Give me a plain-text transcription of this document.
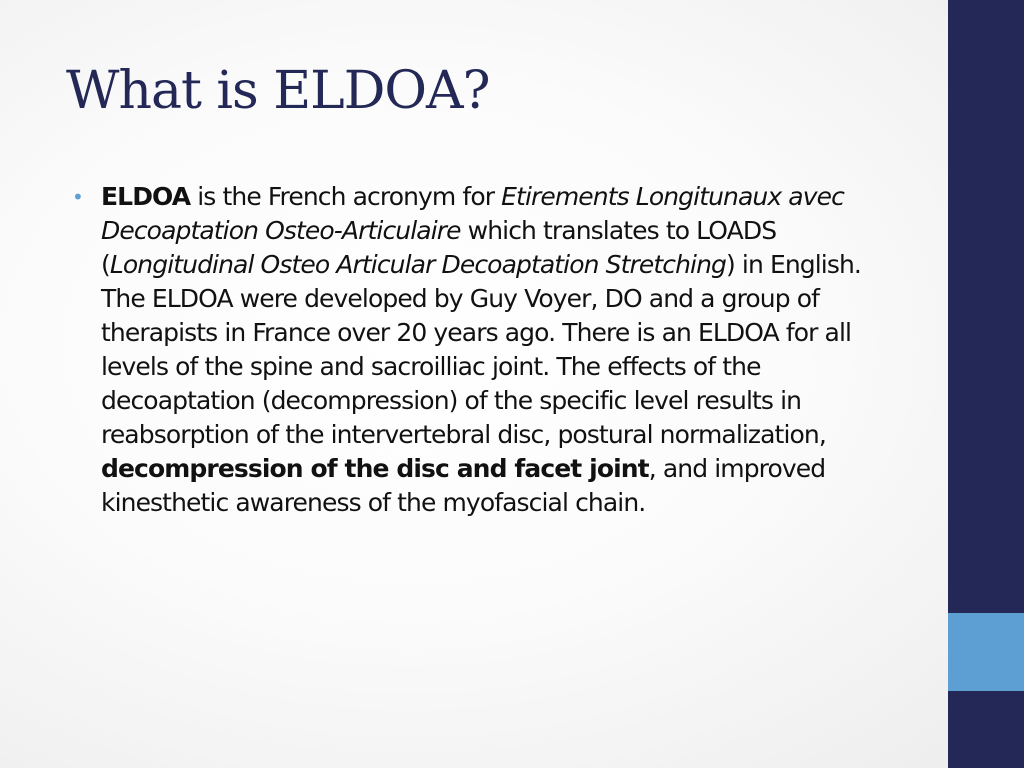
What is ELDOA?
• ELDOA is the French acronym for Etirements Longitunaux avec Decoaptation Osteo-Articulaire which translates to LOADS (Longitudinal Osteo Articular Decoaptation Stretching) in English. The ELDOA were developed by Guy Voyer, DO and a group of therapists in France over 20 years ago. There is an ELDOA for all levels of the spine and sacroilliac joint. The effects of the decoaptation (decompression) of the specific level results in reabsorption of the intervertebral disc, postural normalization, decompression of the disc and facet joint, and improved kinesthetic awareness of the myofascial chain.
